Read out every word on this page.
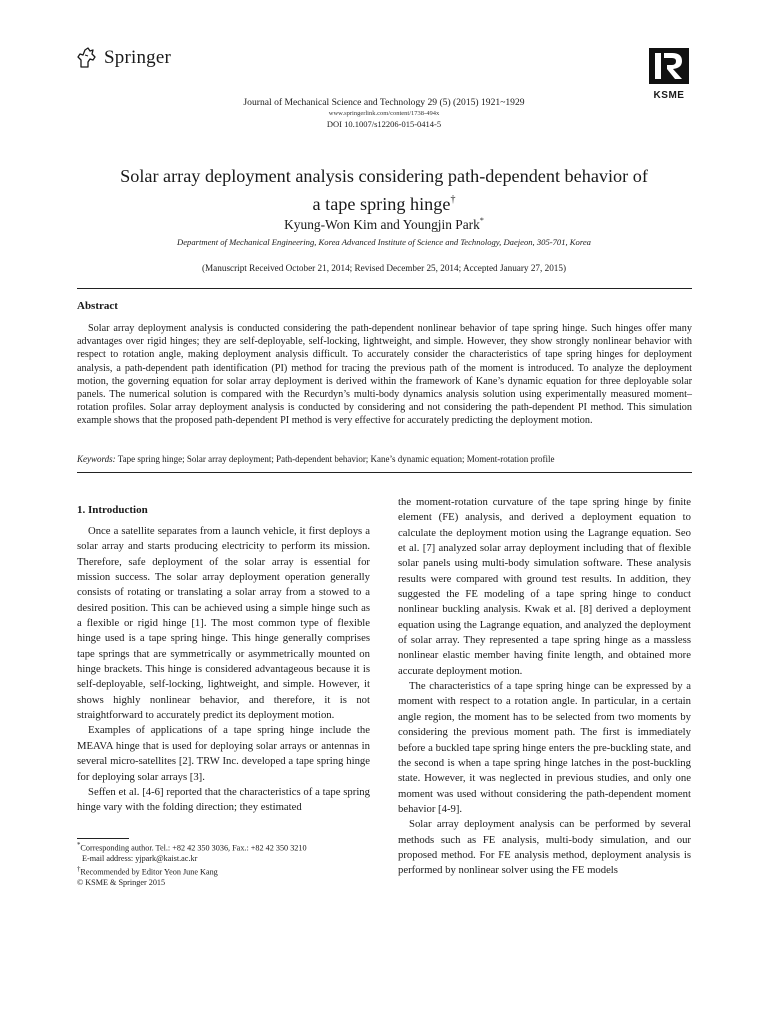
Springer
KSME
Journal of Mechanical Science and Technology 29 (5) (2015) 1921~1929
www.springerlink.com/content/1738-494x
DOI 10.1007/s12206-015-0414-5
Solar array deployment analysis considering path-dependent behavior of
a tape spring hinge†
Kyung-Won Kim and Youngjin Park*
Department of Mechanical Engineering, Korea Advanced Institute of Science and Technology, Daejeon, 305-701, Korea
(Manuscript Received October 21, 2014; Revised December 25, 2014; Accepted January 27, 2015)
Abstract
Solar array deployment analysis is conducted considering the path-dependent nonlinear behavior of tape spring hinge. Such hinges offer many advantages over rigid hinges; they are self-deployable, self-locking, lightweight, and simple. However, they show strongly nonlinear behavior with respect to rotation angle, making deployment analysis difficult. To accurately consider the characteristics of tape spring hinges for deployment analysis, a path-dependent path identification (PI) method for tracing the previous path of the moment is introduced. To analyze the deployment motion, the governing equation for solar array deployment is derived within the framework of Kane’s dynamic equation for three deployable solar panels. The numerical solution is compared with the Recurdyn’s multi-body dynamics analysis solution using experimentally measured moment–rotation profiles. Solar array deployment analysis is conducted by considering and not considering the path-dependent PI method. This simulation example shows that the proposed path-dependent PI method is very effective for accurately predicting the deployment motion.
Keywords: Tape spring hinge; Solar array deployment; Path-dependent behavior; Kane’s dynamic equation; Moment-rotation profile
1. Introduction

Once a satellite separates from a launch vehicle, it first deploys a solar array and starts producing electricity to perform its mission. Therefore, safe deployment of the solar array is essential for mission success. The solar array deployment operation generally consists of rotating or translating a solar array from a stowed to a desired position. This can be achieved using a simple hinge such as a flexible or rigid hinge [1]. The most common type of flexible hinge used is a tape spring hinge. This hinge generally comprises tape springs that are symmetrically or asymmetrically mounted on hinge brackets. This hinge is considered advantageous because it is self-deployable, self-locking, lightweight, and simple. However, it shows highly nonlinear behavior, and therefore, it is not straightforward to accurately predict its deployment motion.

Examples of applications of a tape spring hinge include the MEAVA hinge that is used for deploying solar arrays or antennas in several micro-satellites [2]. TRW Inc. developed a tape spring hinge for deploying solar arrays [3].

Seffen et al. [4-6] reported that the characteristics of a tape spring hinge vary with the folding direction; they estimated

the moment-rotation curvature of the tape spring hinge by finite element (FE) analysis, and derived a deployment equation to calculate the deployment motion using the Lagrange equation. Seo et al. [7] analyzed solar array deployment including that of flexible solar panels using multi-body simulation software. These analysis results were compared with ground test results. In addition, they suggested the FE modeling of a tape spring hinge to conduct nonlinear buckling analysis. Kwak et al. [8] derived a deployment equation using the Lagrange equation, and analyzed the deployment of solar array. They represented a tape spring hinge as a massless nonlinear elastic member having finite length, and obtained more accurate deployment motion.

The characteristics of a tape spring hinge can be expressed by a moment with respect to a rotation angle. In particular, in a certain angle region, the moment has to be selected from two moments by considering the previous moment path. The first is immediately before a buckled tape spring hinge enters the pre-buckling state, and the second is when a tape spring hinge latches in the post-buckling state. However, it was neglected in previous studies, and only one moment was used without considering the path-dependent moment behavior [4-9].

Solar array deployment analysis can be performed by several methods such as FE analysis, multi-body simulation, and our proposed method. For FE analysis method, deployment analysis is performed by nonlinear solver using the FE models

*Corresponding author. Tel.: +82 42 350 3036, Fax.: +82 42 350 3210
E-mail address: yjpark@kaist.ac.kr
†Recommended by Editor Yeon June Kang
© KSME & Springer 2015
